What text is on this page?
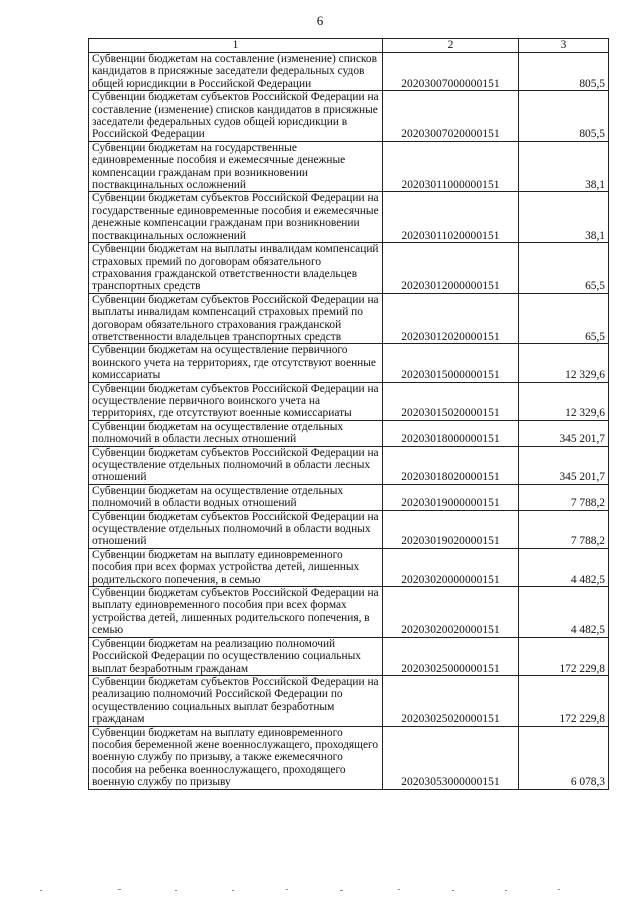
6
1	2	3
Субвенции бюджетам на составление (изменение) списков кандидатов в присяжные заседатели федеральных судов общей юрисдикции в Российской Федерации	20203007000000151	805,5
Субвенции бюджетам субъектов Российской Федерации на составление (изменение) списков кандидатов в присяжные заседатели федеральных судов общей юрисдикции в Российской Федерации	20203007020000151	805,5
Субвенции бюджетам на государственные единовременные пособия и ежемесячные денежные компенсации гражданам при возникновении поствакцинальных осложнений	20203011000000151	38,1
Субвенции бюджетам субъектов Российской Федерации на государственные единовременные пособия и ежемесячные денежные компенсации гражданам при возникновении поствакцинальных осложнений	20203011020000151	38,1
Субвенции бюджетам на выплаты инвалидам компенсаций страховых премий по договорам обязательного страхования гражданской ответственности владельцев транспортных средств	20203012000000151	65,5
Субвенции бюджетам субъектов Российской Федерации на выплаты инвалидам компенсаций страховых премий по договорам обязательного страхования гражданской ответственности владельцев транспортных средств	20203012020000151	65,5
Субвенции бюджетам на осуществление первичного воинского учета на территориях, где отсутствуют военные комиссариаты	20203015000000151	12 329,6
Субвенции бюджетам субъектов Российской Федерации на осуществление первичного воинского учета на территориях, где отсутствуют военные комиссариаты	20203015020000151	12 329,6
Субвенции бюджетам на осуществление отдельных полномочий в области лесных отношений	20203018000000151	345 201,7
Субвенции бюджетам субъектов Российской Федерации на осуществление отдельных полномочий в области лесных отношений	20203018020000151	345 201,7
Субвенции бюджетам на осуществление отдельных полномочий в области водных отношений	20203019000000151	7 788,2
Субвенции бюджетам субъектов Российской Федерации на осуществление отдельных полномочий в области водных отношений	20203019020000151	7 788,2
Субвенции бюджетам на выплату единовременного пособия при всех формах устройства детей, лишенных родительского попечения, в семью	20203020000000151	4 482,5
Субвенции бюджетам субъектов Российской Федерации на выплату единовременного пособия при всех формах устройства детей, лишенных родительского попечения, в семью	20203020020000151	4 482,5
Субвенции бюджетам на реализацию полномочий Российской Федерации по осуществлению социальных выплат безработным гражданам	20203025000000151	172 229,8
Субвенции бюджетам субъектов Российской Федерации на реализацию полномочий Российской Федерации по осуществлению социальных выплат безработным гражданам	20203025020000151	172 229,8
Субвенции бюджетам на выплату единовременного пособия беременной жене военнослужащего, проходящего военную службу по призыву, а также ежемесячного пособия на ребенка военнослужащего, проходящего военную службу по призыву	20203053000000151	6 078,3
